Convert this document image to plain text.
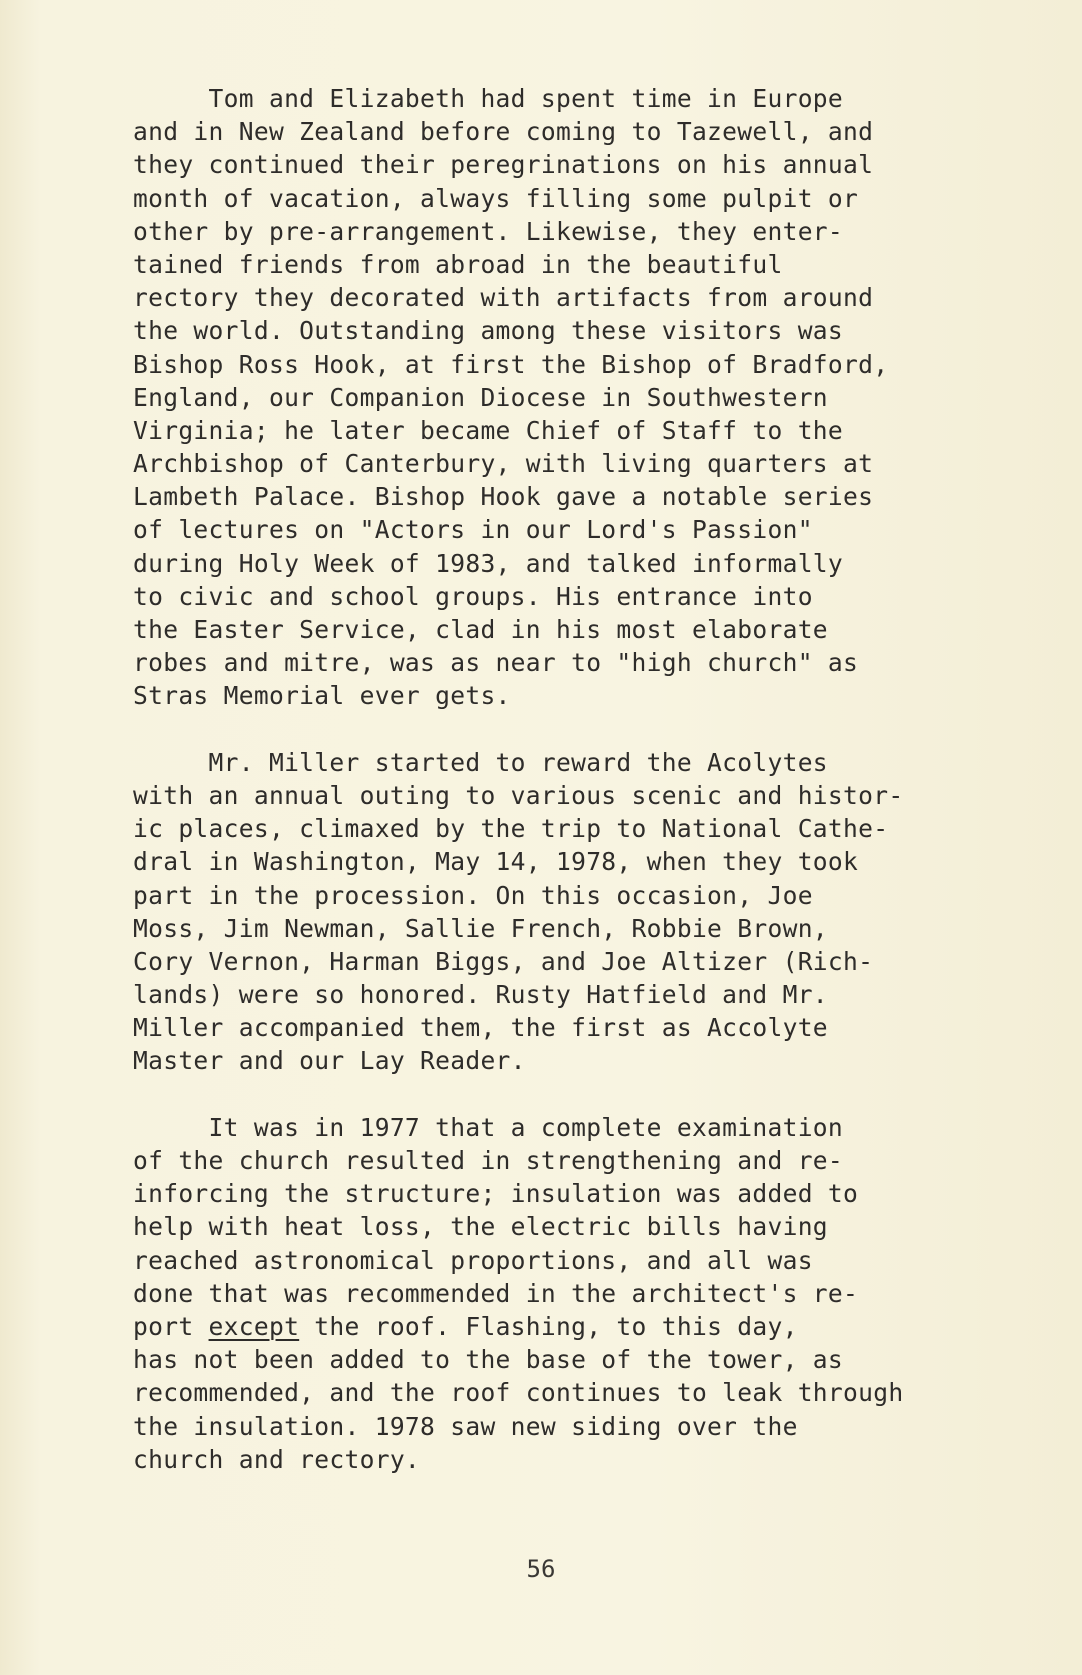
Tom and Elizabeth had spent time in Europe
and in New Zealand before coming to Tazewell, and
they continued their peregrinations on his annual
month of vacation, always filling some pulpit or
other by pre-arrangement. Likewise, they enter-
tained friends from abroad in the beautiful
rectory they decorated with artifacts from around
the world. Outstanding among these visitors was
Bishop Ross Hook, at first the Bishop of Bradford,
England, our Companion Diocese in Southwestern
Virginia; he later became Chief of Staff to the
Archbishop of Canterbury, with living quarters at
Lambeth Palace. Bishop Hook gave a notable series
of lectures on "Actors in our Lord's Passion"
during Holy Week of 1983, and talked informally
to civic and school groups. His entrance into
the Easter Service, clad in his most elaborate
robes and mitre, was as near to "high church" as
Stras Memorial ever gets.
Mr. Miller started to reward the Acolytes
with an annual outing to various scenic and histor-
ic places, climaxed by the trip to National Cathe-
dral in Washington, May 14, 1978, when they took
part in the procession. On this occasion, Joe
Moss, Jim Newman, Sallie French, Robbie Brown,
Cory Vernon, Harman Biggs, and Joe Altizer (Rich-
lands) were so honored. Rusty Hatfield and Mr.
Miller accompanied them, the first as Accolyte
Master and our Lay Reader.
It was in 1977 that a complete examination
of the church resulted in strengthening and re-
inforcing the structure; insulation was added to
help with heat loss, the electric bills having
reached astronomical proportions, and all was
done that was recommended in the architect's re-
port except the roof. Flashing, to this day,
has not been added to the base of the tower, as
recommended, and the roof continues to leak through
the insulation. 1978 saw new siding over the
church and rectory.
56
